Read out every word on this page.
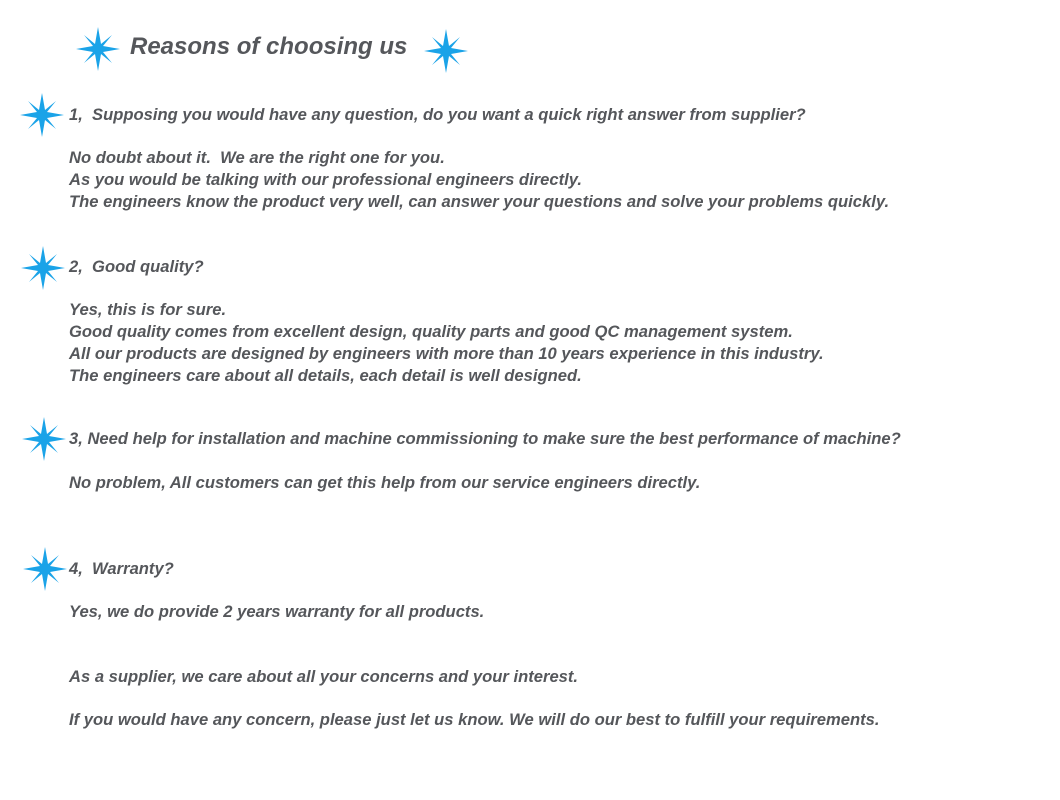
Reasons of choosing us
1,  Supposing you would have any question, do you want a quick right answer from supplier?
No doubt about it.  We are the right one for you.
As you would be talking with our professional engineers directly.
The engineers know the product very well, can answer your questions and solve your problems quickly.
2,  Good quality?
Yes, this is for sure.
Good quality comes from excellent design, quality parts and good QC management system.
All our products are designed by engineers with more than 10 years experience in this industry.
The engineers care about all details, each detail is well designed.
3, Need help for installation and machine commissioning to make sure the best performance of machine?
No problem, All customers can get this help from our service engineers directly.
4,  Warranty?
Yes, we do provide 2 years warranty for all products.
As a supplier, we care about all your concerns and your interest.
If you would have any concern, please just let us know. We will do our best to fulfill your requirements.
